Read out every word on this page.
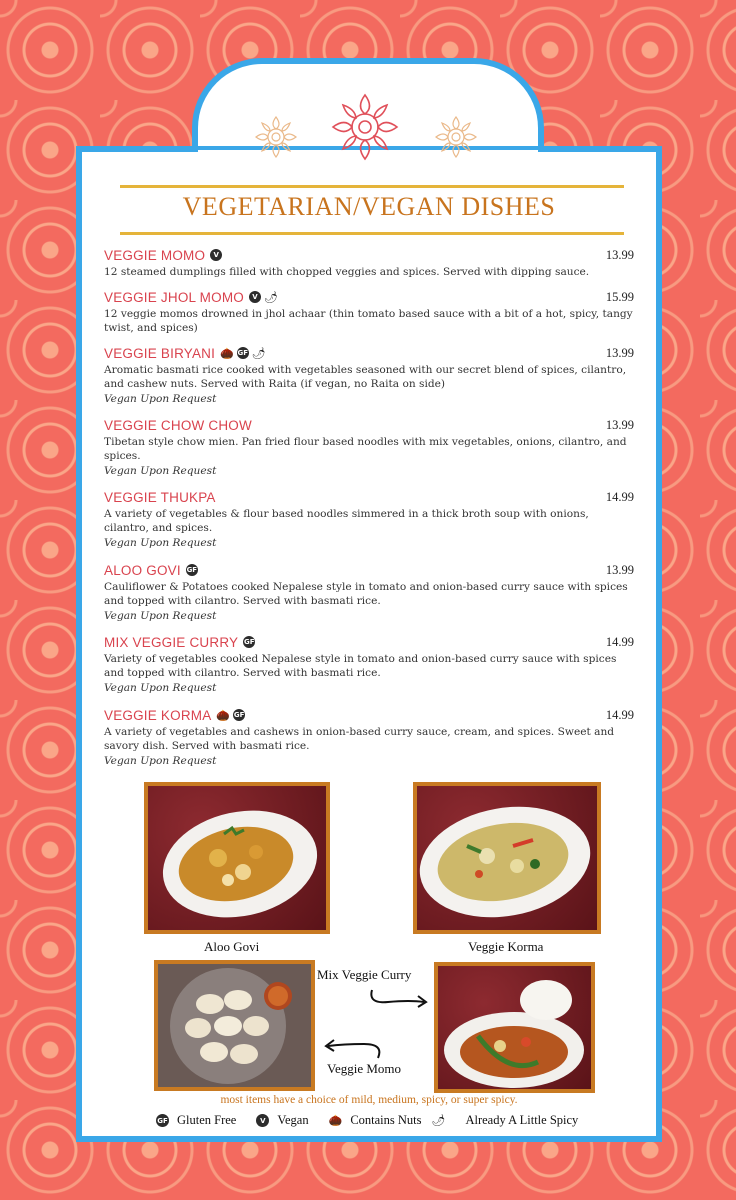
VEGETARIAN/VEGAN DISHES
VEGGIE MOMO	V	13.99
12 steamed dumplings filled with chopped veggies and spices. Served with dipping sauce.
VEGGIE JHOL MOMO	V 🌶	15.99
12 veggie momos drowned in jhol achaar (thin tomato based sauce with a bit of a hot, spicy, tangy twist, and spices)
VEGGIE BIRYANI 🌰 GF 🌶	13.99
Aromatic basmati rice cooked with vegetables seasoned with our secret blend of spices, cilantro, and cashew nuts. Served with Raita (if vegan, no Raita on side)
Vegan Upon Request
VEGGIE CHOW CHOW	13.99
Tibetan style chow mien. Pan fried flour based noodles with mix vegetables, onions, cilantro, and spices.
Vegan Upon Request
VEGGIE THUKPA	14.99
A variety of vegetables & flour based noodles simmered in a thick broth soup with onions, cilantro, and spices.
Vegan Upon Request
ALOO GOVI GF	13.99
Cauliflower & Potatoes cooked Nepalese style in tomato and onion-based curry sauce with spices and topped with cilantro. Served with basmati rice.
Vegan Upon Request
MIX VEGGIE CURRY GF	14.99
Variety of vegetables cooked Nepalese style in tomato and onion-based curry sauce with spices and topped with cilantro. Served with basmati rice.
Vegan Upon Request
VEGGIE KORMA 🌰 GF	14.99
A variety of vegetables and cashews in onion-based curry sauce, cream, and spices. Sweet and savory dish. Served with basmati rice.
Vegan Upon Request
Aloo Govi	Veggie Korma
Mix Veggie Curry
Veggie Momo
most items have a choice of mild, medium, spicy, or super spicy.
GF Gluten Free	V Vegan 🌰 Contains Nuts 🌶 Already A Little Spicy
